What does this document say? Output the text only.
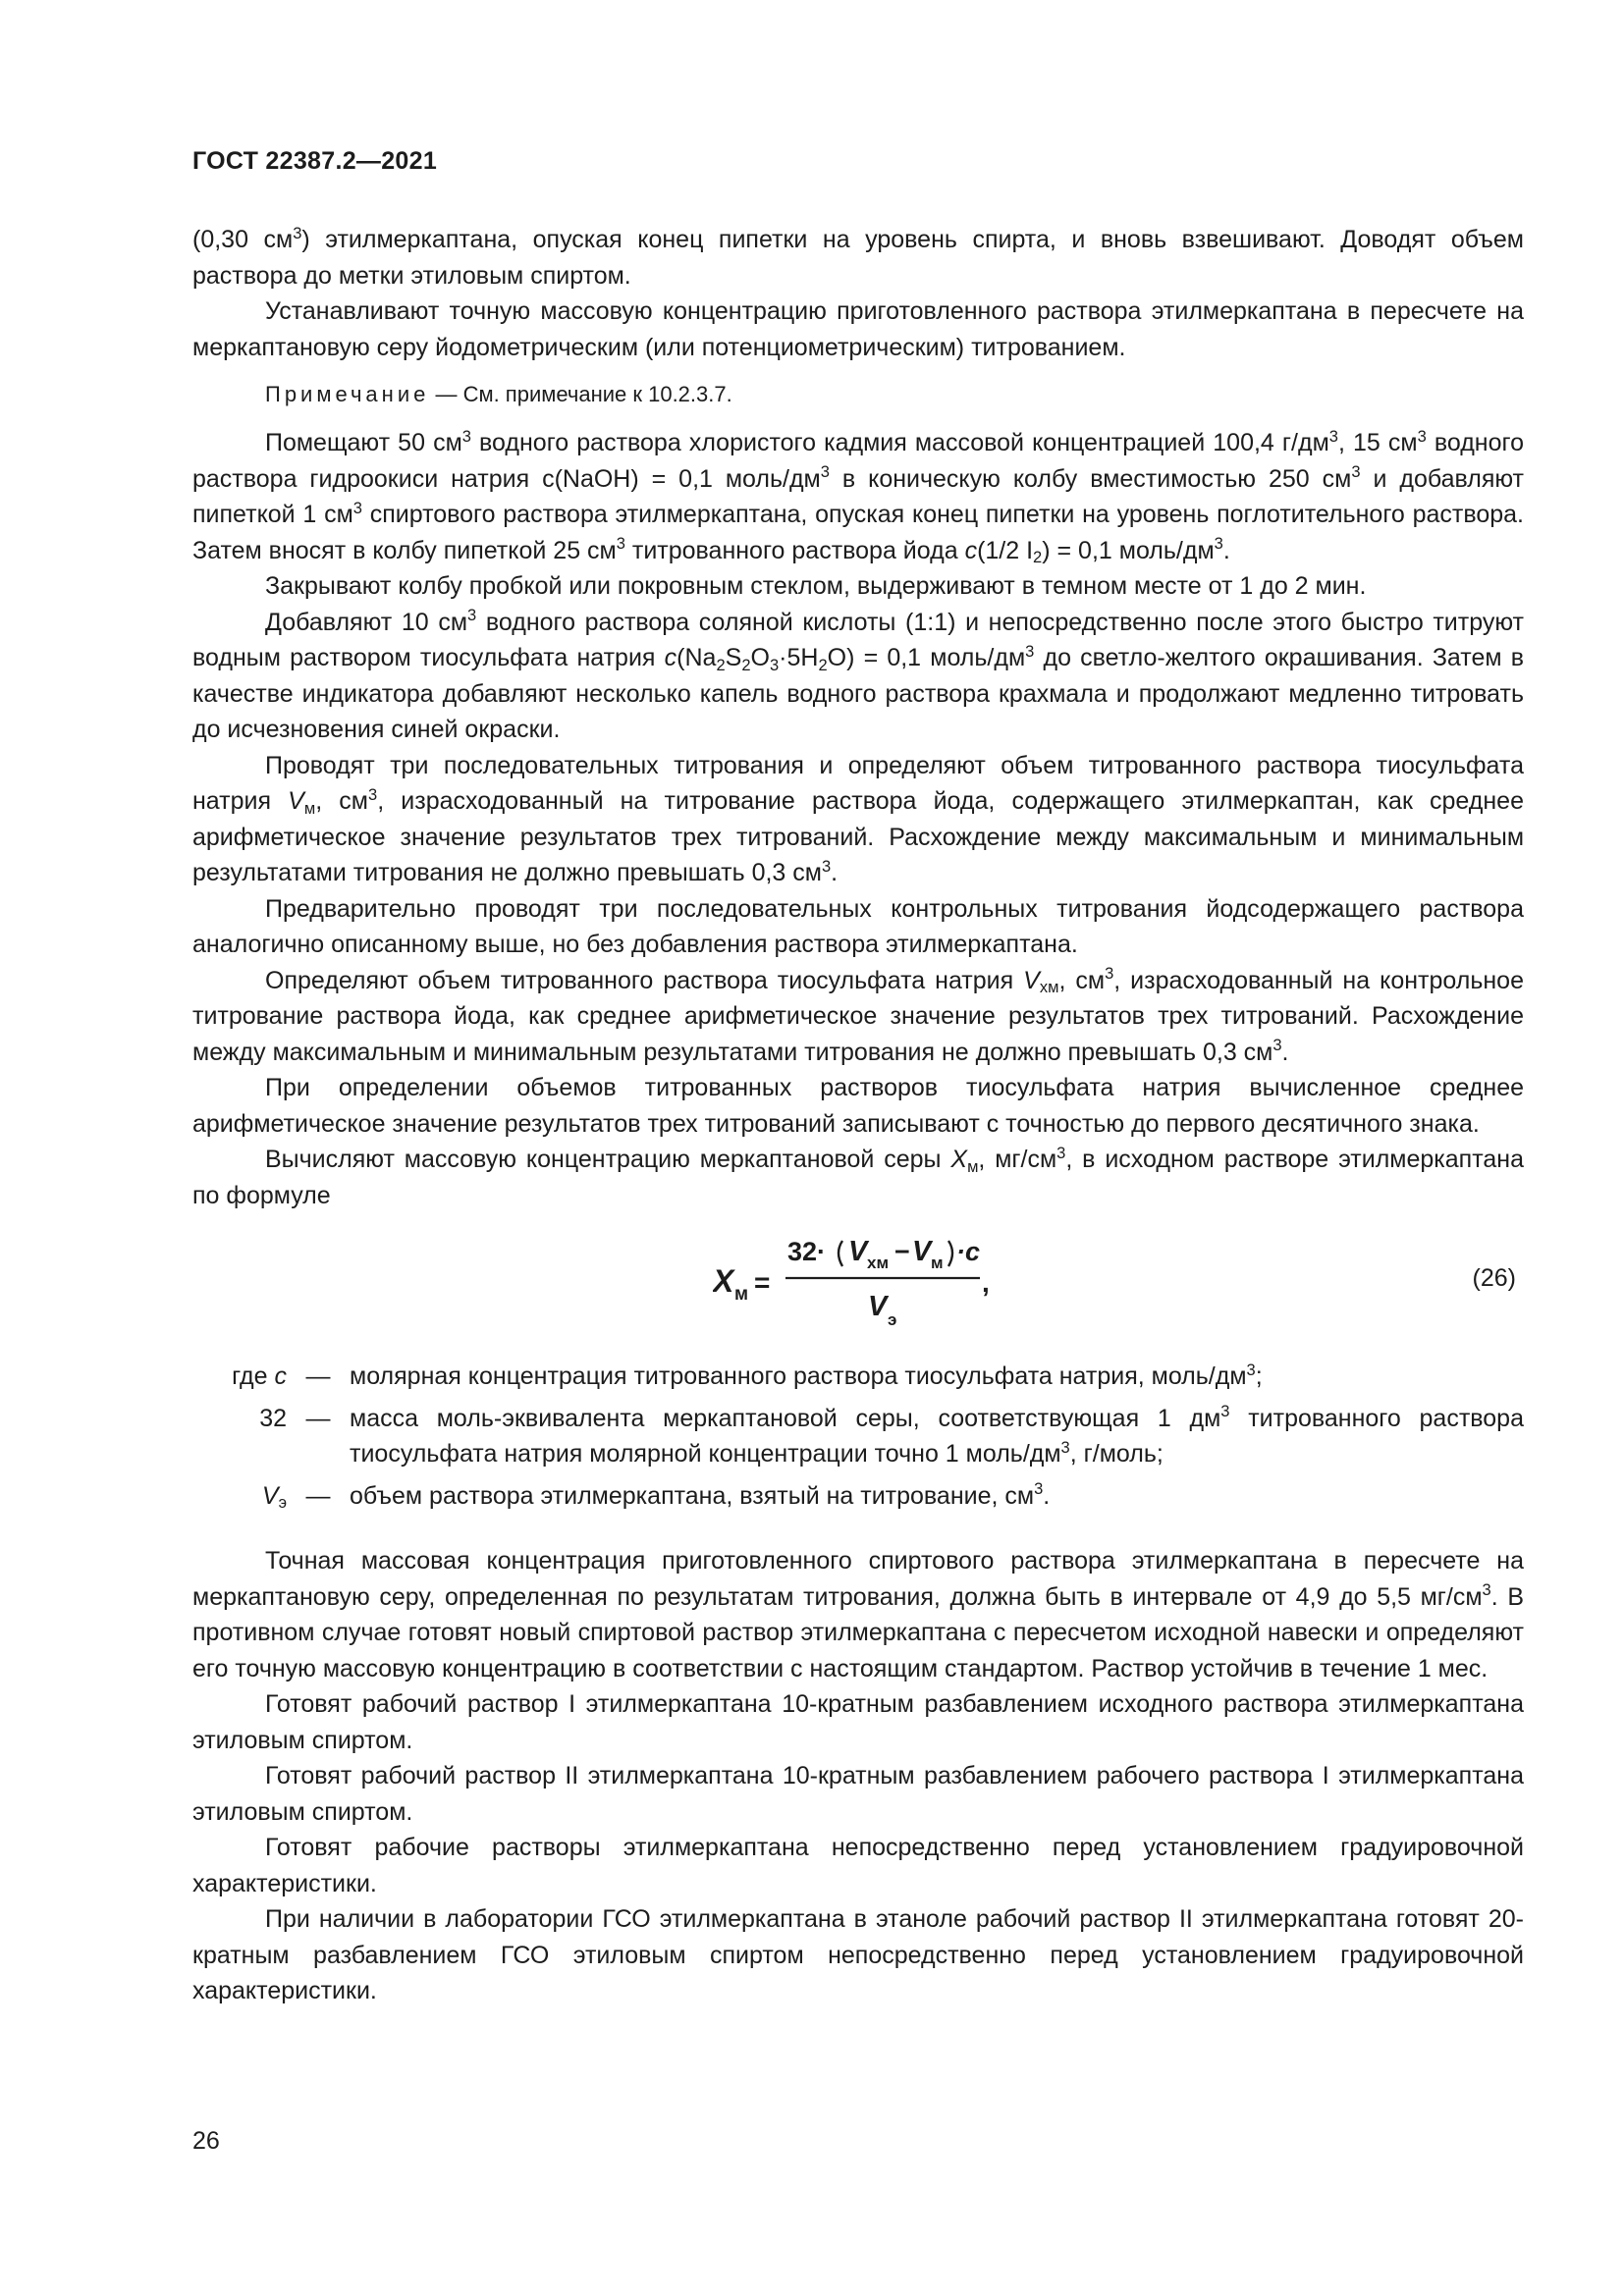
ГОСТ 22387.2—2021

(0,30 $см^3$) этилмеркаптана, опуская конец пипетки на уровень спирта, и вновь взвешивают. Доводят объем раствора до метки этиловым спиртом.

Устанавливают точную массовую концентрацию приготовленного раствора этилмеркаптана в пересчете на меркаптановую серу йодометрическим (или потенциометрическим) титрованием.

Примечание — См. примечание к 10.2.3.7.

Помещают 50 $см^3$ водного раствора хлористого кадмия массовой концентрацией 100,4 $г/дм^3$, 15 $см^3$ водного раствора гидроокиси натрия c(NaOH) = 0,1 моль/$дм^3$ в коническую колбу вместимостью 250 $см^3$ и добавляют пипеткой 1 $см^3$ спиртового раствора этилмеркаптана, опуская конец пипетки на уровень поглотительного раствора. Затем вносят в колбу пипеткой 25 $см^3$ титрованного раствора йода c(1/2 $I_2) = 0,1$ моль/$дм^3$.

Закрывают колбу пробкой или покровным стеклом, выдерживают в темном месте от 1 до 2 мин.

Добавляют 10 $см^3$ водного раствора соляной кислоты (1:1) и непосредственно после этого быстро титруют водным раствором тиосульфата натрия $c(Na_2S_2O_3\cdot 5H_2O) = 0,1$ моль/$дм^3$ до светло-желтого окрашивания. Затем в качестве индикатора добавляют несколько капель водного раствора крахмала и продолжают медленно титровать до исчезновения синей окраски.

Проводят три последовательных титрования и определяют объем титрованного раствора тиосульфата натрия $V_м$, $см^3$, израсходованный на титрование раствора йода, содержащего этилмеркаптан, как среднее арифметическое значение результатов трех титрований. Расхождение между максимальным и минимальным результатами титрования не должно превышать 0,3 $см^3$.

Предварительно проводят три последовательных контрольных титрования йодсодержащего раствора аналогично описанному выше, но без добавления раствора этилмеркаптана.

Определяют объем титрованного раствора тиосульфата натрия $V_{хм}$, $см^3$, израсходованный на контрольное титрование раствора йода, как среднее арифметическое значение результатов трех титрований. Расхождение между максимальным и минимальным результатами титрования не должно превышать 0,3 $см^3$.

При определении объемов титрованных растворов тиосульфата натрия вычисленное среднее арифметическое значение результатов трех титрований записывают с точностью до первого десятичного знака.

Вычисляют массовую концентрацию меркаптановой серы $X_м$, $мг/см^3$, в исходном растворе этилмеркаптана по формуле

X м =
32· V хм − V м ·c
V э
,	(26)
где c — молярная концентрация титрованного раствора тиосульфата натрия, моль/$дм^3$;
32 — масса моль-эквивалента меркаптановой серы, соответствующая 1 $дм^3$ титрованного раствора тиосульфата натрия молярной концентрации точно 1 моль/$дм^3$, г/моль;
$V_э$ — объем раствора этилмеркаптана, взятый на титрование, $см^3$.

Точная массовая концентрация приготовленного спиртового раствора этилмеркаптана в пересчете на меркаптановую серу, определенная по результатам титрования, должна быть в интервале от 4,9 до 5,5 $мг/см^3$. В противном случае готовят новый спиртовой раствор этилмеркаптана с пересчетом исходной навески и определяют его точную массовую концентрацию в соответствии с настоящим стандартом. Раствор устойчив в течение 1 мес.

Готовят рабочий раствор I этилмеркаптана 10-кратным разбавлением исходного раствора этилмеркаптана этиловым спиртом.

Готовят рабочий раствор II этилмеркаптана 10-кратным разбавлением рабочего раствора I этилмеркаптана этиловым спиртом.

Готовят рабочие растворы этилмеркаптана непосредственно перед установлением градуировочной характеристики.

При наличии в лаборатории ГСО этилмеркаптана в этаноле рабочий раствор II этилмеркаптана готовят 20-кратным разбавлением ГСО этиловым спиртом непосредственно перед установлением градуировочной характеристики.

26
